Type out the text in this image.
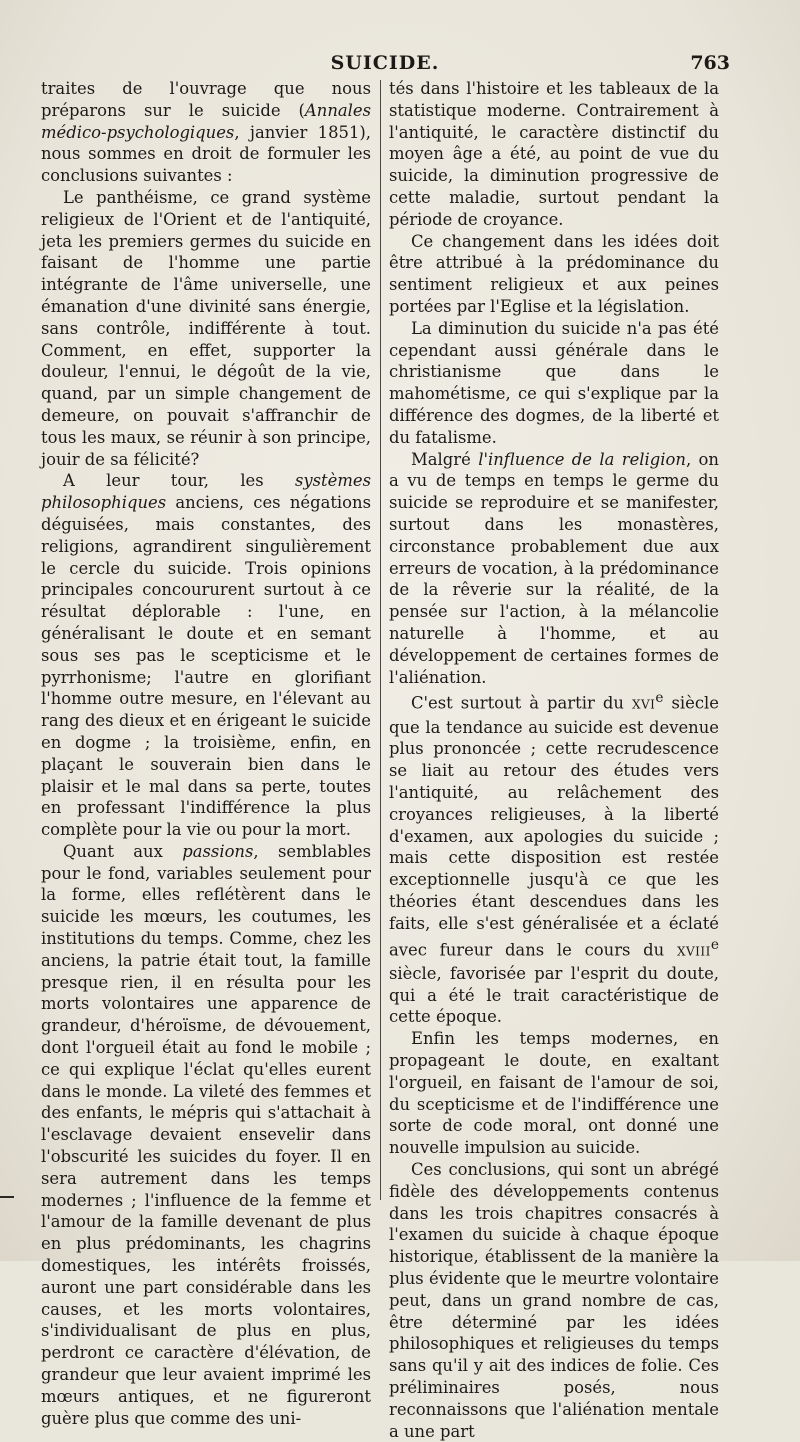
SUICIDE.	763

traites de l'ouvrage que nous préparons sur le suicide (Annales médico-psychologiques, janvier 1851), nous sommes en droit de formuler les conclusions suivantes :

Le panthéisme, ce grand système religieux de l'Orient et de l'antiquité, jeta les premiers germes du suicide en faisant de l'homme une partie intégrante de l'âme universelle, une émanation d'une divinité sans énergie, sans contrôle, indifférente à tout. Comment, en effet, supporter la douleur, l'ennui, le dégoût de la vie, quand, par un simple changement de demeure, on pouvait s'affranchir de tous les maux, se réunir à son principe, jouir de sa félicité?

A leur tour, les systèmes philosophiques anciens, ces négations déguisées, mais constantes, des religions, agrandirent singulièrement le cercle du suicide. Trois opinions principales concoururent surtout à ce résultat déplorable : l'une, en généralisant le doute et en semant sous ses pas le scepticisme et le pyrrhonisme; l'autre en glorifiant l'homme outre mesure, en l'élevant au rang des dieux et en érigeant le suicide en dogme ; la troisième, enfin, en plaçant le souverain bien dans le plaisir et le mal dans sa perte, toutes en professant l'indifférence la plus complète pour la vie ou pour la mort.

Quant aux passions, semblables pour le fond, variables seulement pour la forme, elles reflétèrent dans le suicide les mœurs, les coutumes, les institutions du temps. Comme, chez les anciens, la patrie était tout, la famille presque rien, il en résulta pour les morts volontaires une apparence de grandeur, d'héroïsme, de dévouement, dont l'orgueil était au fond le mobile ; ce qui explique l'éclat qu'elles eurent dans le monde. La vileté des femmes et des enfants, le mépris qui s'attachait à l'esclavage devaient ensevelir dans l'obscurité les suicides du foyer. Il en sera autrement dans les temps modernes ; l'influence de la femme et l'amour de la famille devenant de plus en plus prédominants, les chagrins domestiques, les intérêts froissés, auront une part considérable dans les causes, et les morts volontaires, s'individualisant de plus en plus, perdront ce caractère d'élévation, de grandeur que leur avaient imprimé les mœurs antiques, et ne figureront guère plus que comme des uni-

tés dans l'histoire et les tableaux de la statistique moderne. Contrairement à l'antiquité, le caractère distinctif du moyen âge a été, au point de vue du suicide, la diminution progressive de cette maladie, surtout pendant la période de croyance.

Ce changement dans les idées doit être attribué à la prédominance du sentiment religieux et aux peines portées par l'Eglise et la législation.

La diminution du suicide n'a pas été cependant aussi générale dans le christianisme que dans le mahométisme, ce qui s'explique par la différence des dogmes, de la liberté et du fatalisme.

Malgré l'influence de la religion, on a vu de temps en temps le germe du suicide se reproduire et se manifester, surtout dans les monastères, circonstance probablement due aux erreurs de vocation, à la prédominance de la rêverie sur la réalité, de la pensée sur l'action, à la mélancolie naturelle à l'homme, et au développement de certaines formes de l'aliénation.

C'est surtout à partir du XVIe siècle que la tendance au suicide est devenue plus prononcée ; cette recrudescence se liait au retour des études vers l'antiquité, au relâchement des croyances religieuses, à la liberté d'examen, aux apologies du suicide ; mais cette disposition est restée exceptionnelle jusqu'à ce que les théories étant descendues dans les faits, elle s'est généralisée et a éclaté avec fureur dans le cours du XVIIIe siècle, favorisée par l'esprit du doute, qui a été le trait caractéristique de cette époque.

Enfin les temps modernes, en propageant le doute, en exaltant l'orgueil, en faisant de l'amour de soi, du scepticisme et de l'indifférence une sorte de code moral, ont donné une nouvelle impulsion au suicide.

Ces conclusions, qui sont un abrégé fidèle des développements contenus dans les trois chapitres consacrés à l'examen du suicide à chaque époque historique, établissent de la manière la plus évidente que le meurtre volontaire peut, dans un grand nombre de cas, être déterminé par les idées philosophiques et religieuses du temps sans qu'il y ait des indices de folie. Ces préliminaires posés, nous reconnaissons que l'aliénation mentale a une part
